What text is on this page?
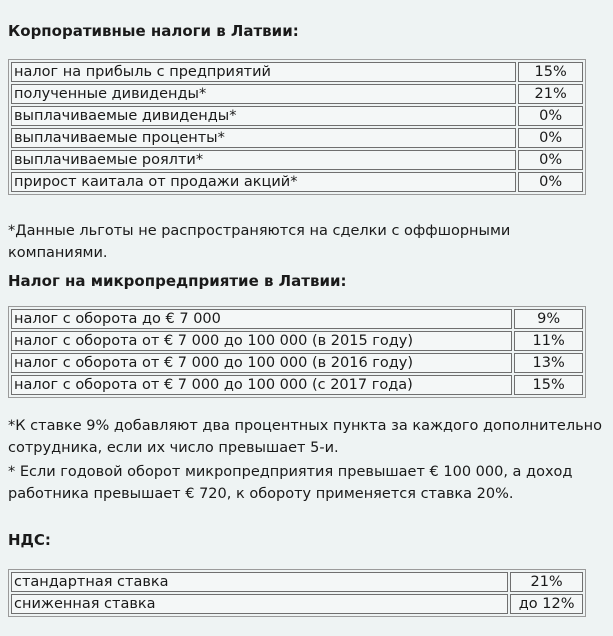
Корпоративные налоги в Латвии:
налог на прибыль с предприятий	15%
полученные дивиденды*	21%
выплачиваемые дивиденды*	0%
выплачиваемые проценты*	0%
выплачиваемые роялти*	0%
прирост каитала от продажи акций*	0%

*Данные льготы не распространяются на сделки с оффшорными компаниями.

Налог на микропредприятие в Латвии:
налог с оборота до € 7 000	9%
налог с оборота от € 7 000 до 100 000 (в 2015 году)	11%
налог с оборота от € 7 000 до 100 000 (в 2016 году)	13%
налог с оборота от € 7 000 до 100 000 (с 2017 года)	15%
*К ставке 9% добавляют два процентных пункта за каждого дополнительно
сотрудника, если их число превышает 5-и.
* Если годовой оборот микропредприятия превышает € 100 000, а доход
работника превышает € 720, к обороту применяется ставка 20%.
НДС:
стандартная ставка	21%
сниженная ставка	до 12%
